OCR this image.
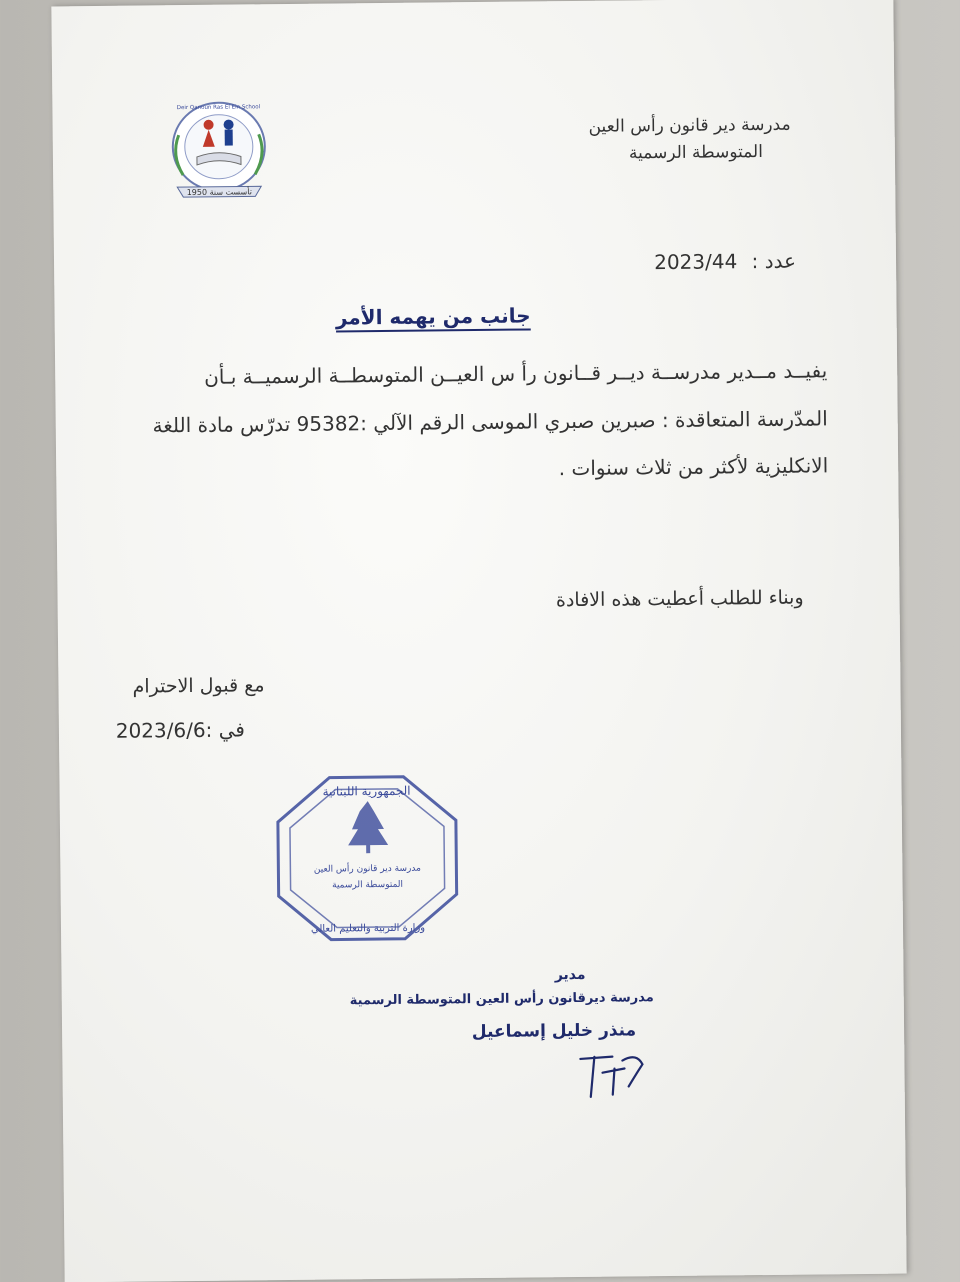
تأسست سنة 1950
Deir Qanoun Ras El Ein School
مدرسة دير قانون رأس العين
المتوسطة الرسمية
عدد : 2023/44
جانب من يهمه الأمر
يفيــد مــدير مدرســة ديــر قــانون رأ س العيــن المتوسطــة الرسميــة بـأن
المدّرسة المتعاقدة : صبرين صبري الموسى الرقم الآلي :95382 تدرّس مادة اللغة
الانكليزية لأكثر من ثلاث سنوات .
وبناء للطلب أعطيت هذه الافادة
مع قبول الاحترام
في :2023/6/6
الجمهورية اللبنانية
مدرسة دير قانون رأس العين
المتوسطة الرسمية
وزارة التربية والتعليم العالي
مدير
مدرسة ديرقانون رأس العين المتوسطة الرسمية
منذر خليل إسماعيل
